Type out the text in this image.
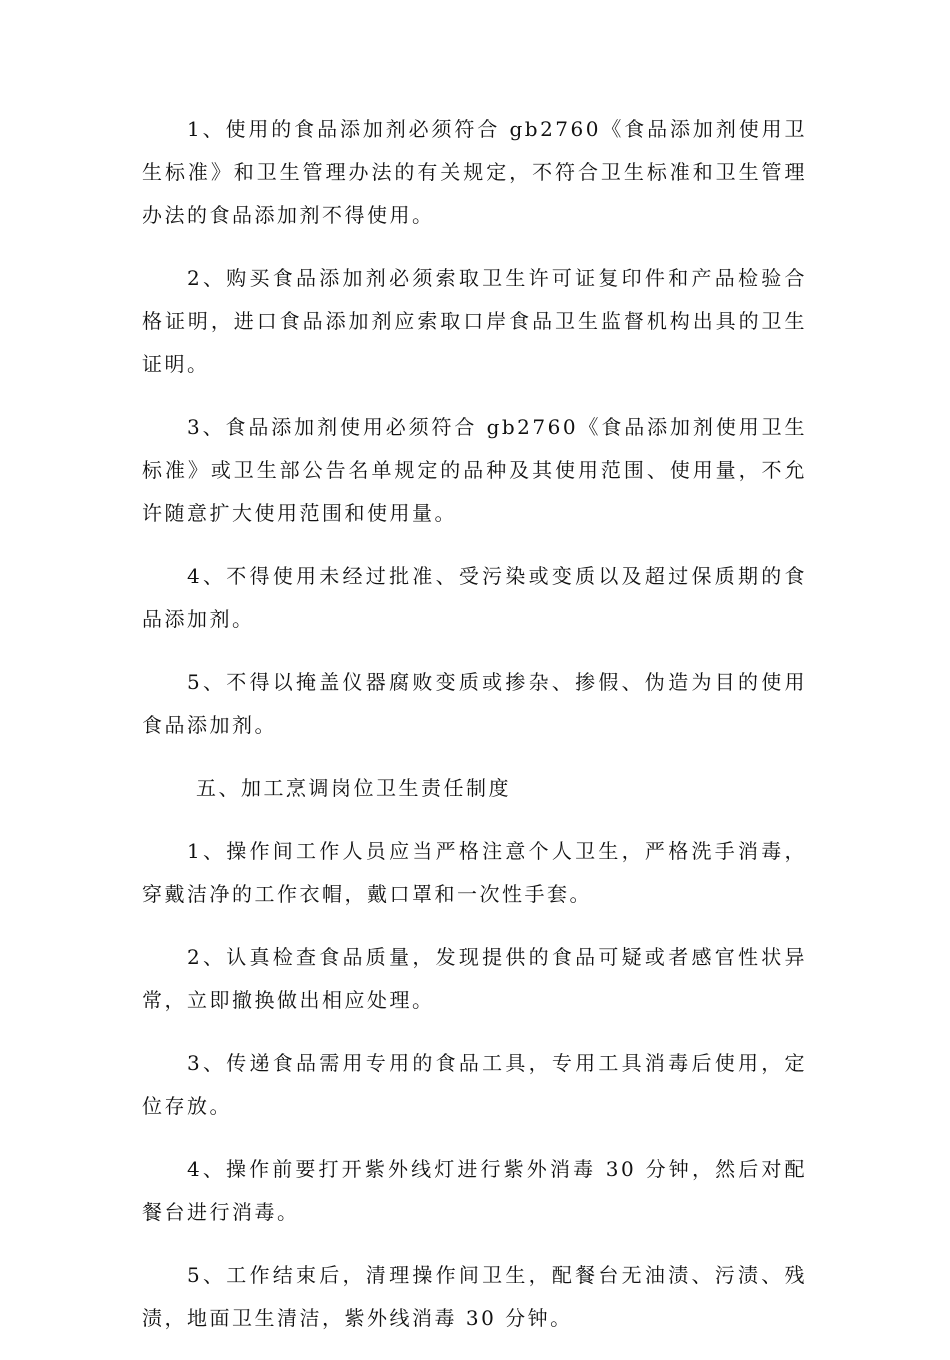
1、使用的食品添加剂必须符合 gb2760《食品添加剂使用卫生标准》和卫生管理办法的有关规定，不符合卫生标准和卫生管理办法的食品添加剂不得使用。

2、购买食品添加剂必须索取卫生许可证复印件和产品检验合格证明，进口食品添加剂应索取口岸食品卫生监督机构出具的卫生证明。

3、食品添加剂使用必须符合 gb2760《食品添加剂使用卫生标准》或卫生部公告名单规定的品种及其使用范围、使用量，不允许随意扩大使用范围和使用量。

4、不得使用未经过批准、受污染或变质以及超过保质期的食品添加剂。

5、不得以掩盖仪器腐败变质或掺杂、掺假、伪造为目的使用食品添加剂。

五、加工烹调岗位卫生责任制度

1、操作间工作人员应当严格注意个人卫生，严格洗手消毒，穿戴洁净的工作衣帽，戴口罩和一次性手套。

2、认真检查食品质量，发现提供的食品可疑或者感官性状异常，立即撤换做出相应处理。

3、传递食品需用专用的食品工具，专用工具消毒后使用，定位存放。

4、操作前要打开紫外线灯进行紫外消毒 30 分钟，然后对配餐台进行消毒。

5、工作结束后，清理操作间卫生，配餐台无油渍、污渍、残渍，地面卫生清洁，紫外线消毒 30 分钟。
